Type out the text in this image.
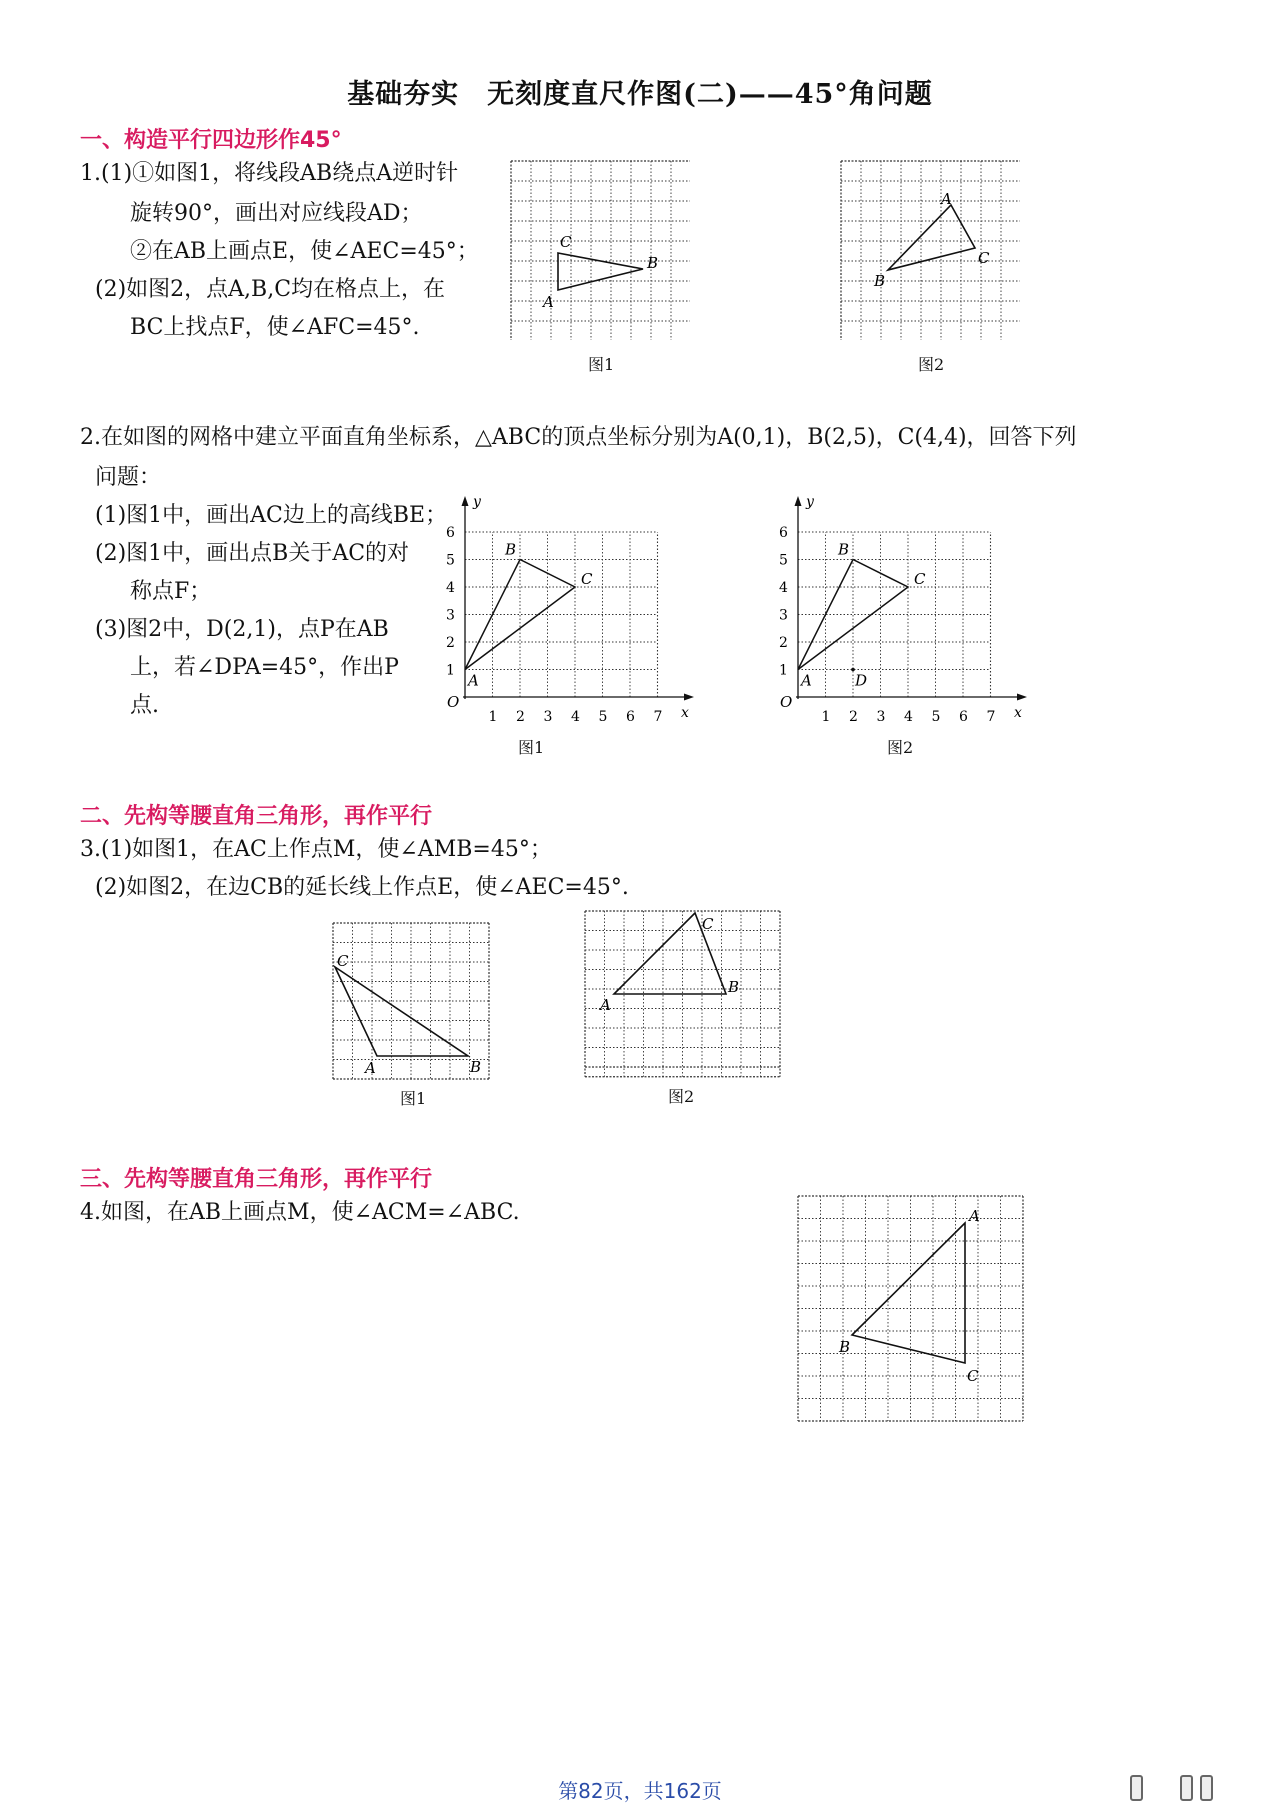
基础夯实　无刻度直尺作图(二)——45°角问题
一、构造平行四边形作45°
1.(1)①如图1，将线段AB绕点A逆时针
旋转90°，画出对应线段AD；
②在AB上画点E，使∠AEC=45°；
(2)如图2，点A,B,C均在格点上，在
BC上找点F，使∠AFC=45°.
C
B
A
图1
A
C
B
图2
2.在如图的网格中建立平面直角坐标系，△ABC的顶点坐标分别为A(0,1)，B(2,5)，C(4,4)，回答下列
问题：
(1)图1中，画出AC边上的高线BE；
(2)图1中，画出点B关于AC的对
称点F；
(3)图2中，D(2,1)，点P在AB
上，若∠DPA=45°，作出P
点.
y
x
O
1 2 3 4 5 6 7
1
2
3
4
5
6
A
B
C
图1
y
x
O
1 2 3 4 5 6 7
1
2
3
4
5
6
A
B
C
D
图2
二、先构等腰直角三角形，再作平行
3.(1)如图1，在AC上作点M，使∠AMB=45°；
(2)如图2，在边CB的延长线上作点E，使∠AEC=45°.
C
A	B
图1
C
B
A
图2
三、先构等腰直角三角形，再作平行
4.如图，在AB上画点M，使∠ACM=∠ABC.	A
B
C
第82页，共162页
